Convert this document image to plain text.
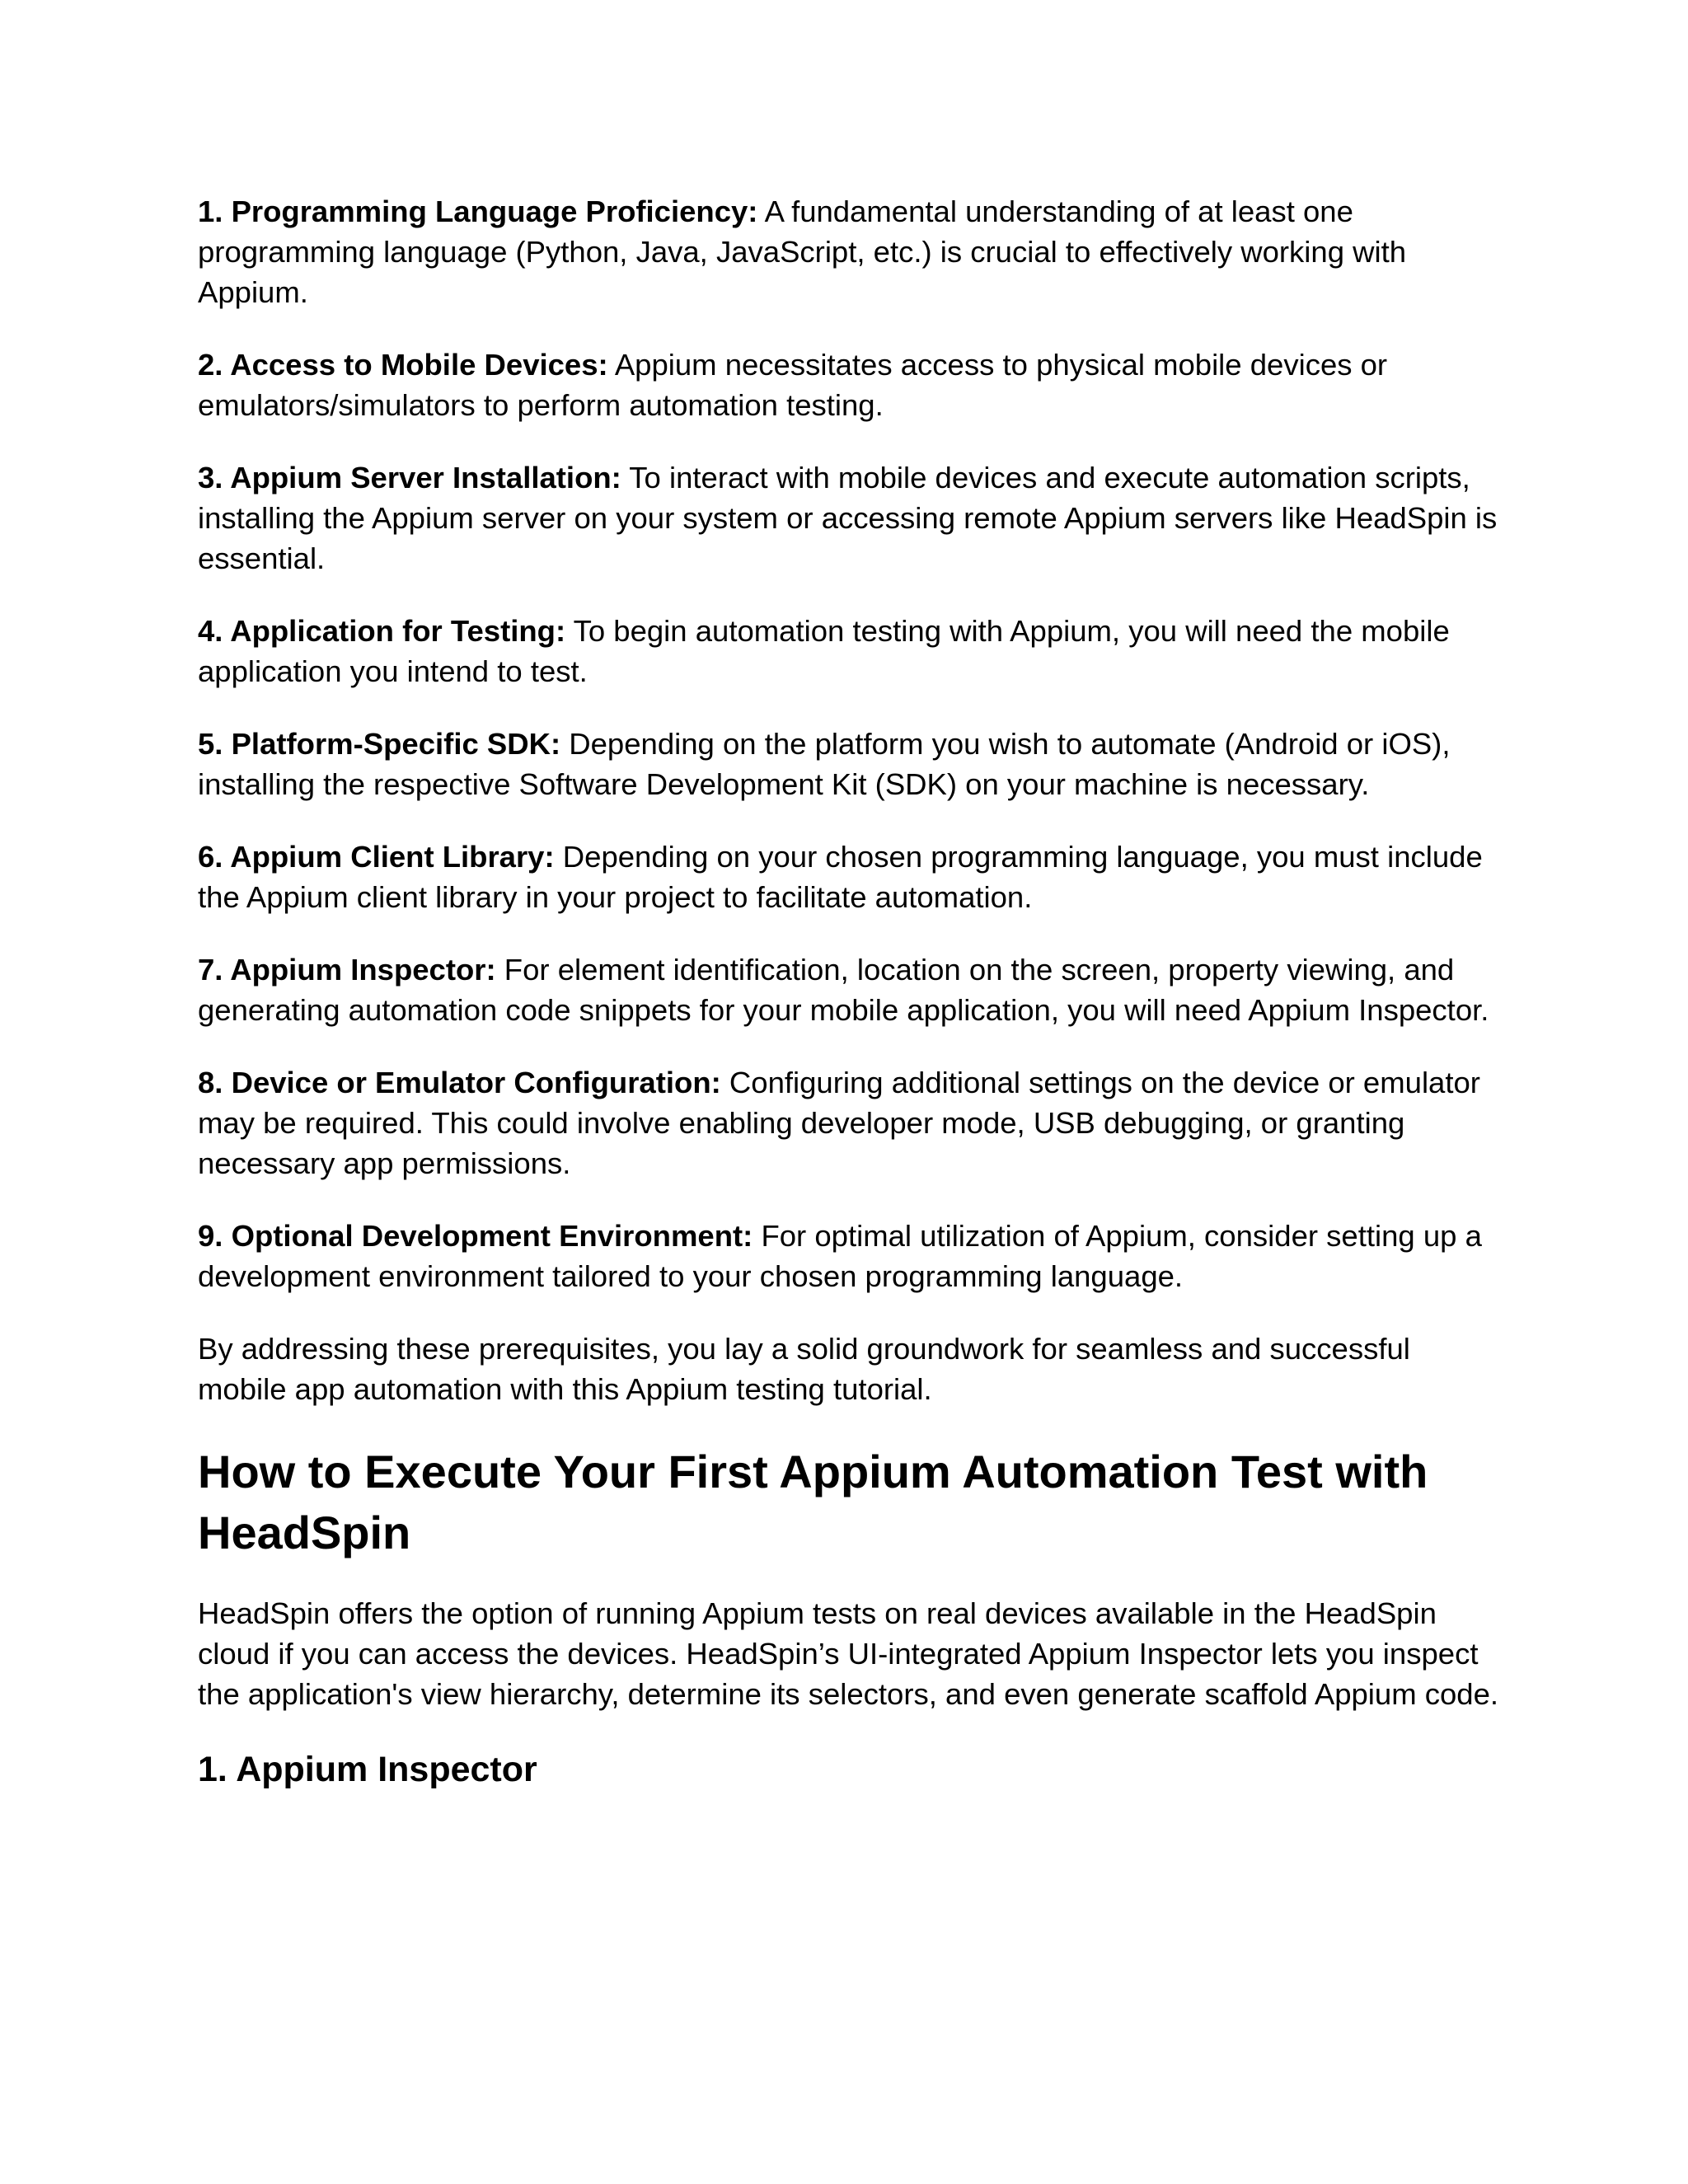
1. Programming Language Proficiency: A fundamental understanding of at least one programming language (Python, Java, JavaScript, etc.) is crucial to effectively working with Appium.

2. Access to Mobile Devices: Appium necessitates access to physical mobile devices or emulators/simulators to perform automation testing.

3. Appium Server Installation: To interact with mobile devices and execute automation scripts, installing the Appium server on your system or accessing remote Appium servers like HeadSpin is essential.

4. Application for Testing: To begin automation testing with Appium, you will need the mobile application you intend to test.

5. Platform-Specific SDK: Depending on the platform you wish to automate (Android or iOS), installing the respective Software Development Kit (SDK) on your machine is necessary.

6. Appium Client Library: Depending on your chosen programming language, you must include the Appium client library in your project to facilitate automation.

7. Appium Inspector: For element identification, location on the screen, property viewing, and generating automation code snippets for your mobile application, you will need Appium Inspector.

8. Device or Emulator Configuration: Configuring additional settings on the device or emulator may be required. This could involve enabling developer mode, USB debugging, or granting necessary app permissions.

9. Optional Development Environment: For optimal utilization of Appium, consider setting up a development environment tailored to your chosen programming language.

By addressing these prerequisites, you lay a solid groundwork for seamless and successful mobile app automation with this Appium testing tutorial.

How to Execute Your First Appium Automation Test with HeadSpin

HeadSpin offers the option of running Appium tests on real devices available in the HeadSpin cloud if you can access the devices. HeadSpin’s UI-integrated Appium Inspector lets you inspect the application's view hierarchy, determine its selectors, and even generate scaffold Appium code.

1. Appium Inspector
